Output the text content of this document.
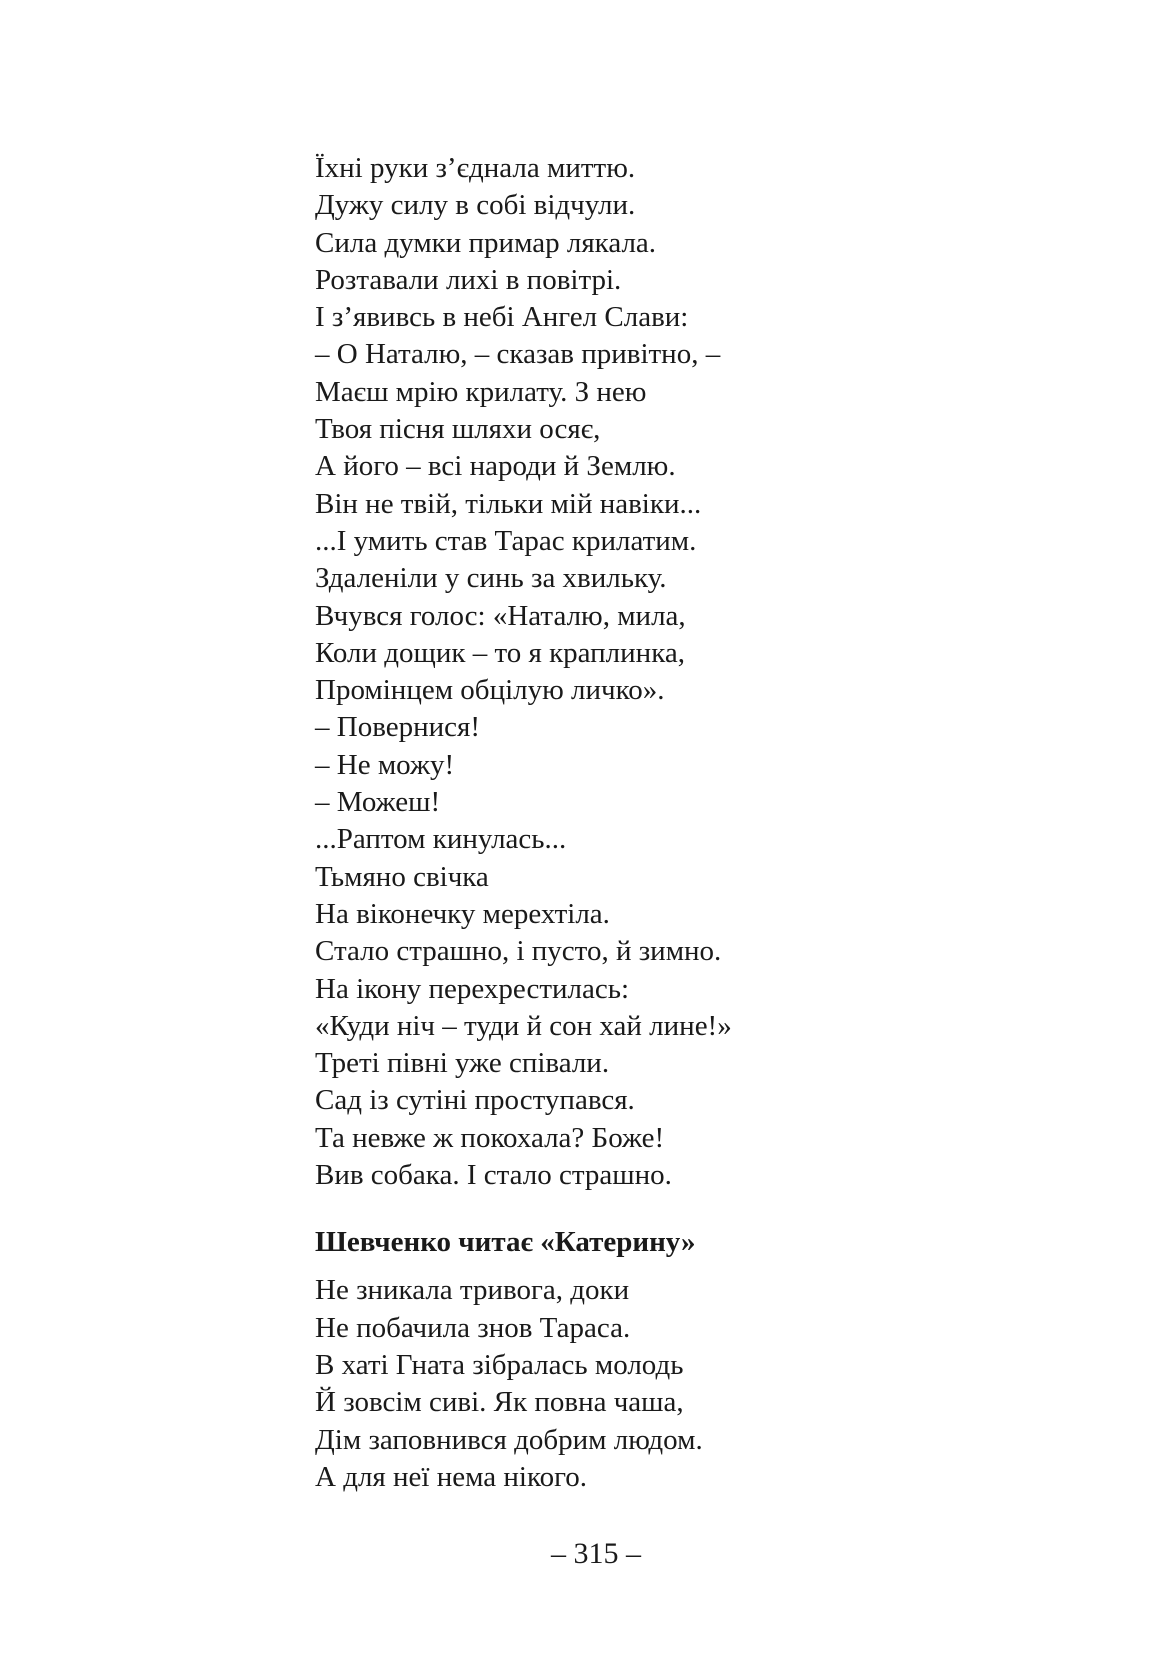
Їхні руки з’єднала миттю.
Дужу силу в собі відчули.
Сила думки примар лякала.
Розтавали лихі в повітрі.
І з’явивсь в небі Ангел Слави:
– О Наталю, – сказав привітно, –
Маєш мрію крилату. З нею
Твоя пісня шляхи осяє,
А його – всі народи й Землю.
Він не твій, тільки мій навіки...
...І умить став Тарас крилатим.
Здаленіли у синь за хвильку.
Вчувся голос: «Наталю, мила,
Коли дощик – то я краплинка,
Промінцем обцілую личко».
– Повернися!
– Не можу!
– Можеш!
...Раптом кинулась...
Тьмяно свічка
На віконечку мерехтіла.
Стало страшно, і пусто, й зимно.
На ікону перехрестилась:
«Куди ніч – туди й сон хай лине!»
Треті півні уже співали.
Сад із сутіні проступався.
Та невже ж покохала? Боже!
Вив собака. І стало страшно.
Шевченко читає «Катерину»
Не зникала тривога, доки
Не побачила знов Тараса.
В хаті Гната зібралась молодь
Й зовсім сиві. Як повна чаша,
Дім заповнився добрим людом.
А для неї нема нікого.
– 315 –
